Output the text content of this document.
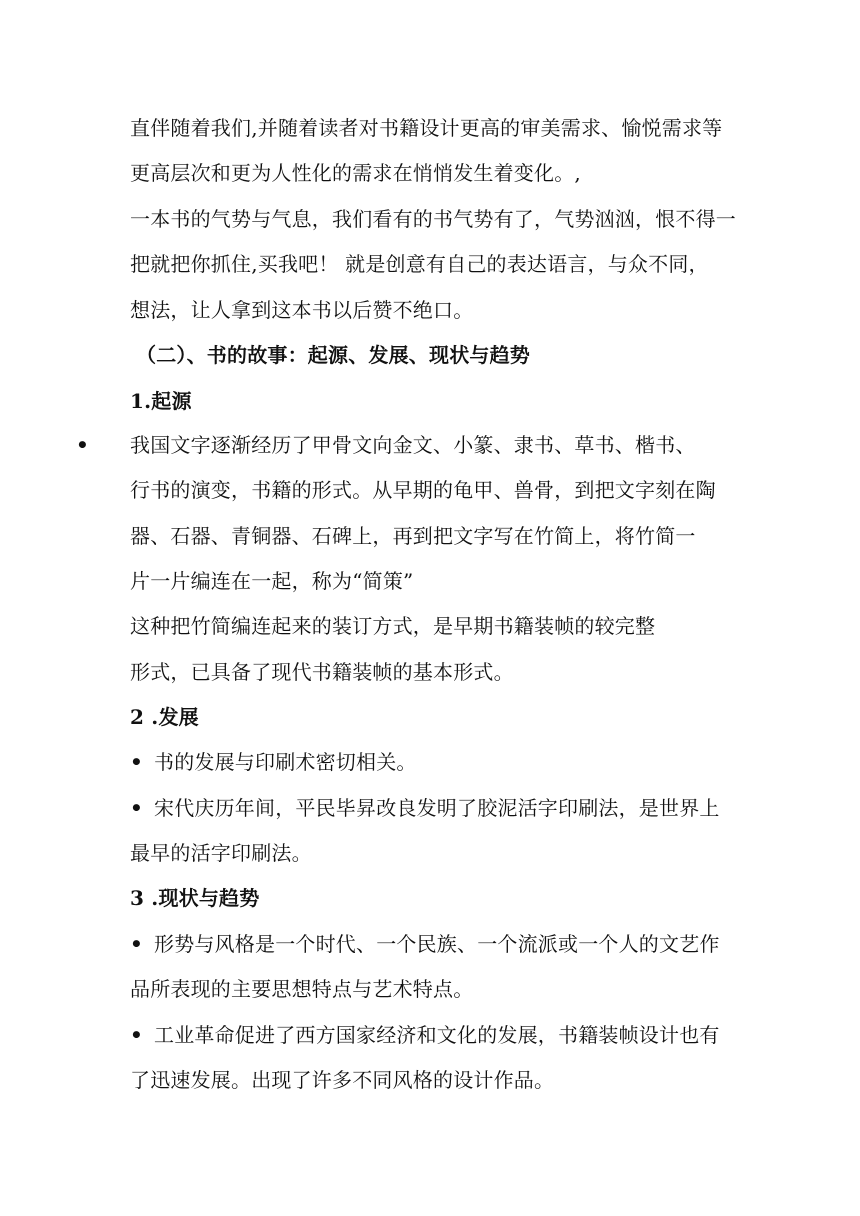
直伴随着我们,并随着读者对书籍设计更高的审美需求、愉悦需求等
更高层次和更为人性化的需求在悄悄发生着变化。,
一本书的气势与气息，我们看有的书气势有了，气势汹汹，恨不得一
把就把你抓住,买我吧！ 就是创意有自己的表达语言，与众不同，
想法，让人拿到这本书以后赞不绝口。
（二）、书的故事：起源、发展、现状与趋势
1.起源
• 我国文字逐渐经历了甲骨文向金文、小篆、隶书、草书、楷书、
行书的演变，书籍的形式。从早期的龟甲、兽骨，到把文字刻在陶
器、石器、青铜器、石碑上，再到把文字写在竹简上，将竹简一
片一片编连在一起，称为“简策”
这种把竹简编连起来的装订方式，是早期书籍装帧的较完整
形式，已具备了现代书籍装帧的基本形式。
2 .发展
• 书的发展与印刷术密切相关。
• 宋代庆历年间，平民毕昇改良发明了胶泥活字印刷法，是世界上
最早的活字印刷法。
3 .现状与趋势
• 形势与风格是一个时代、一个民族、一个流派或一个人的文艺作
品所表现的主要思想特点与艺术特点。
• 工业革命促进了西方国家经济和文化的发展，书籍装帧设计也有
了迅速发展。出现了许多不同风格的设计作品。
